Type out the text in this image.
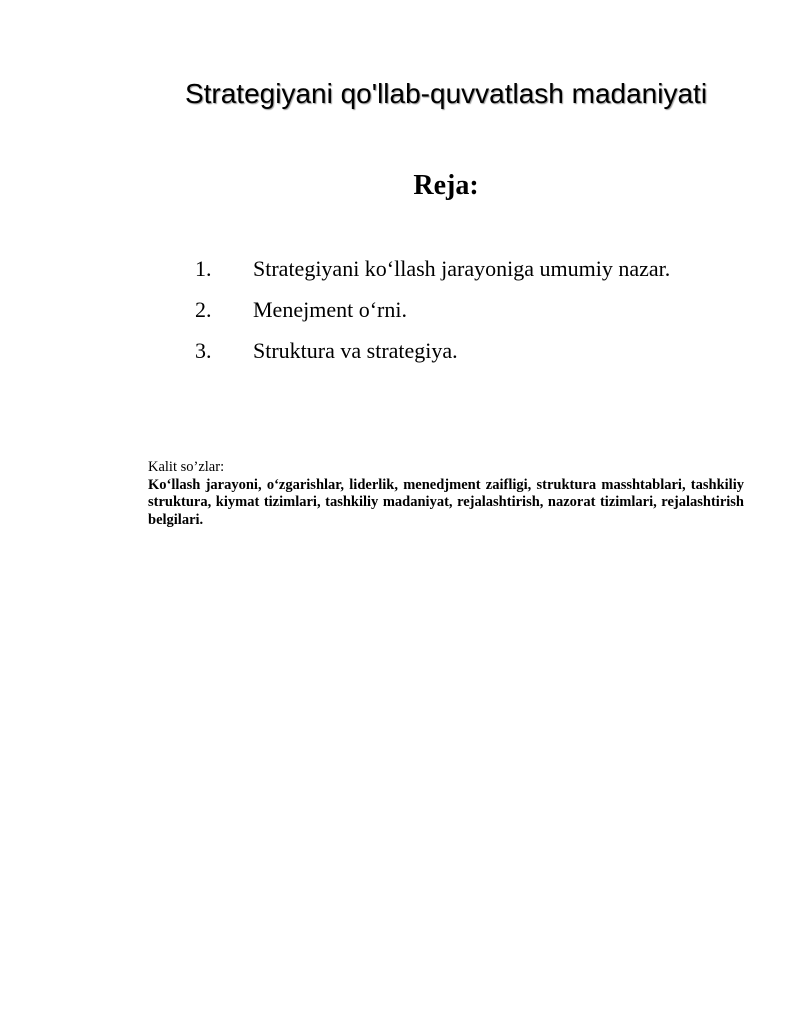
Strategiyani qo'llab-quvvatlash madaniyati
Reja:
1.	Strategiyani ko‘llash jarayoniga umumiy nazar.
2.	Menejment o‘rni.
3.	Struktura va strategiya.
Kalit so’zlar:
Ko‘llash jarayoni, o‘zgarishlar, liderlik, menedjment zaifligi, struktura masshtablari, tashkiliy struktura, kiymat tizimlari, tashkiliy madaniyat, rejalashtirish, nazorat tizimlari, rejalashtirish belgilari.
